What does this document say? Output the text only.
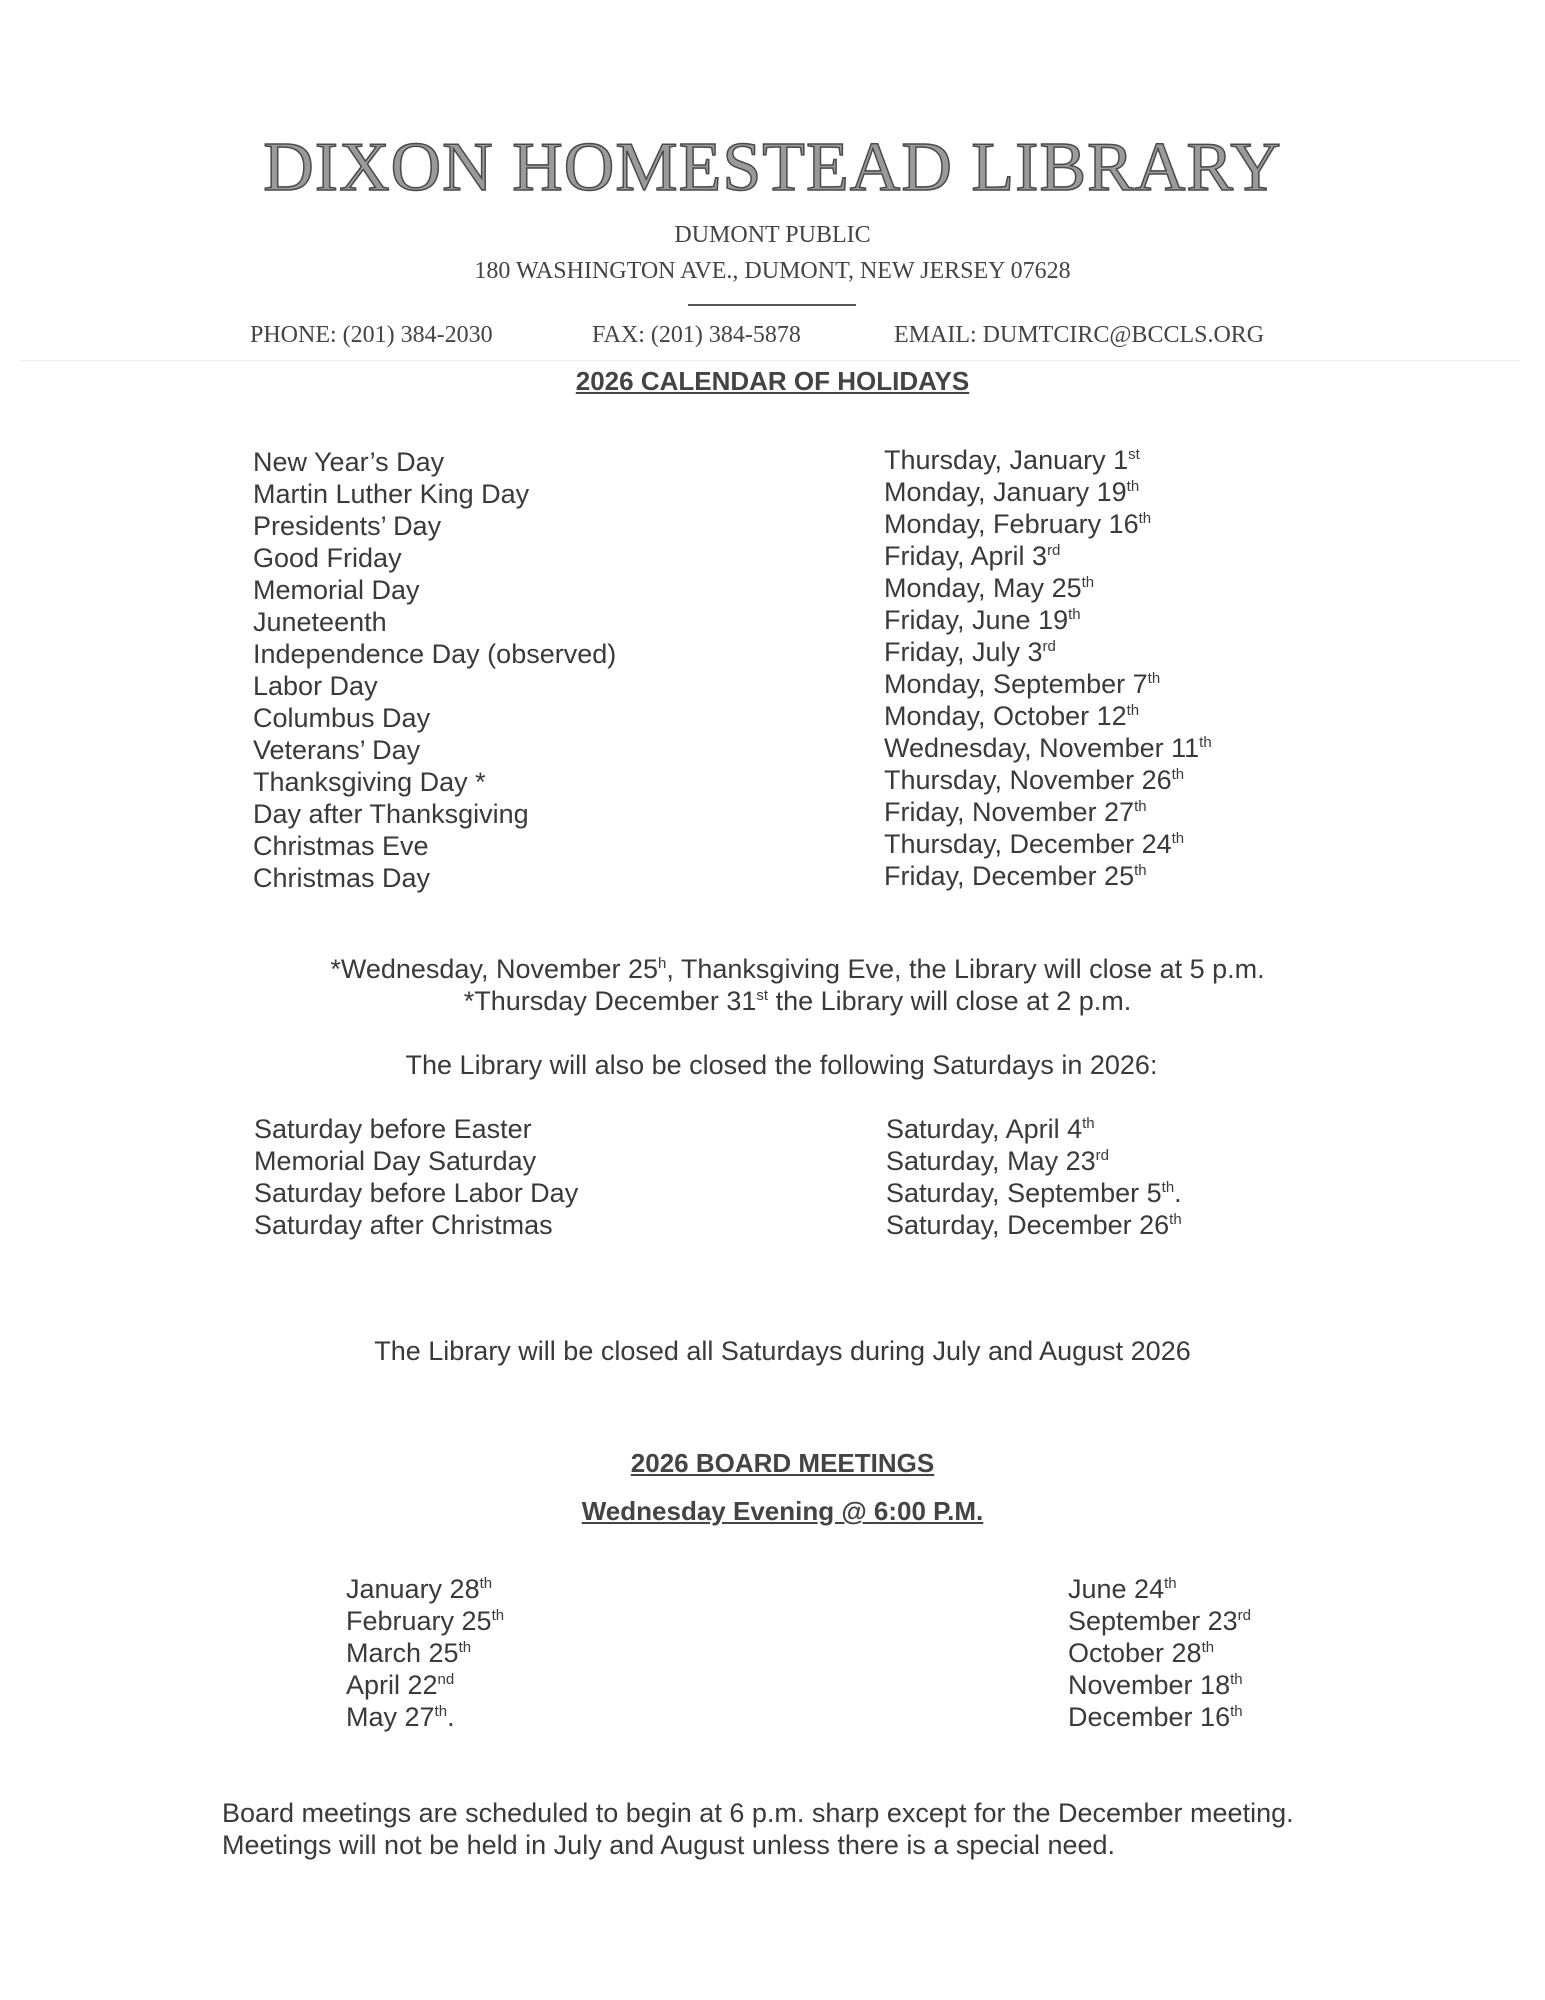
DIXON HOMESTEAD LIBRARY
DUMONT PUBLIC
180 WASHINGTON AVE., DUMONT, NEW JERSEY 07628
PHONE: (201) 384-2030	FAX: (201) 384-5878	EMAIL: DUMTCIRC@BCCLS.ORG
2026 CALENDAR OF HOLIDAYS
New Year’s Day	Thursday, January 1st
Martin Luther King Day	Monday, January 19th
Presidents’ Day	Monday, February 16th
Good Friday	Friday, April 3rd
Memorial Day	Monday, May 25th
Juneteenth	Friday, June 19th
Independence Day (observed)	Friday, July 3rd
Labor Day	Monday, September 7th
Columbus Day	Monday, October 12th
Veterans’ Day	Wednesday, November 11th
Thanksgiving Day *	Thursday, November 26th
Day after Thanksgiving	Friday, November 27th
Christmas Eve	Thursday, December 24th
Christmas Day	Friday, December 25th
*Wednesday, November 25$^h$, Thanksgiving Eve, the Library will close at 5 p.m.
*Thursday December 31st the Library will close at 2 p.m.
The Library will also be closed the following Saturdays in 2026:
Saturday before Easter	Saturday, April 4th
Memorial Day Saturday	Saturday, May 23rd
Saturday before Labor Day	Saturday, September 5th.
Saturday after Christmas	Saturday, December 26th
The Library will be closed all Saturdays during July and August 2026
2026 BOARD MEETINGS
Wednesday Evening @ 6:00 P.M.
January 28th
February 25th
March 25th
April 22nd
May 27th.
June 24th
September 23rd
October 28th
November 18th
December 16th
Board meetings are scheduled to begin at 6 p.m. sharp except for the December meeting.
Meetings will not be held in July and August unless there is a special need.
